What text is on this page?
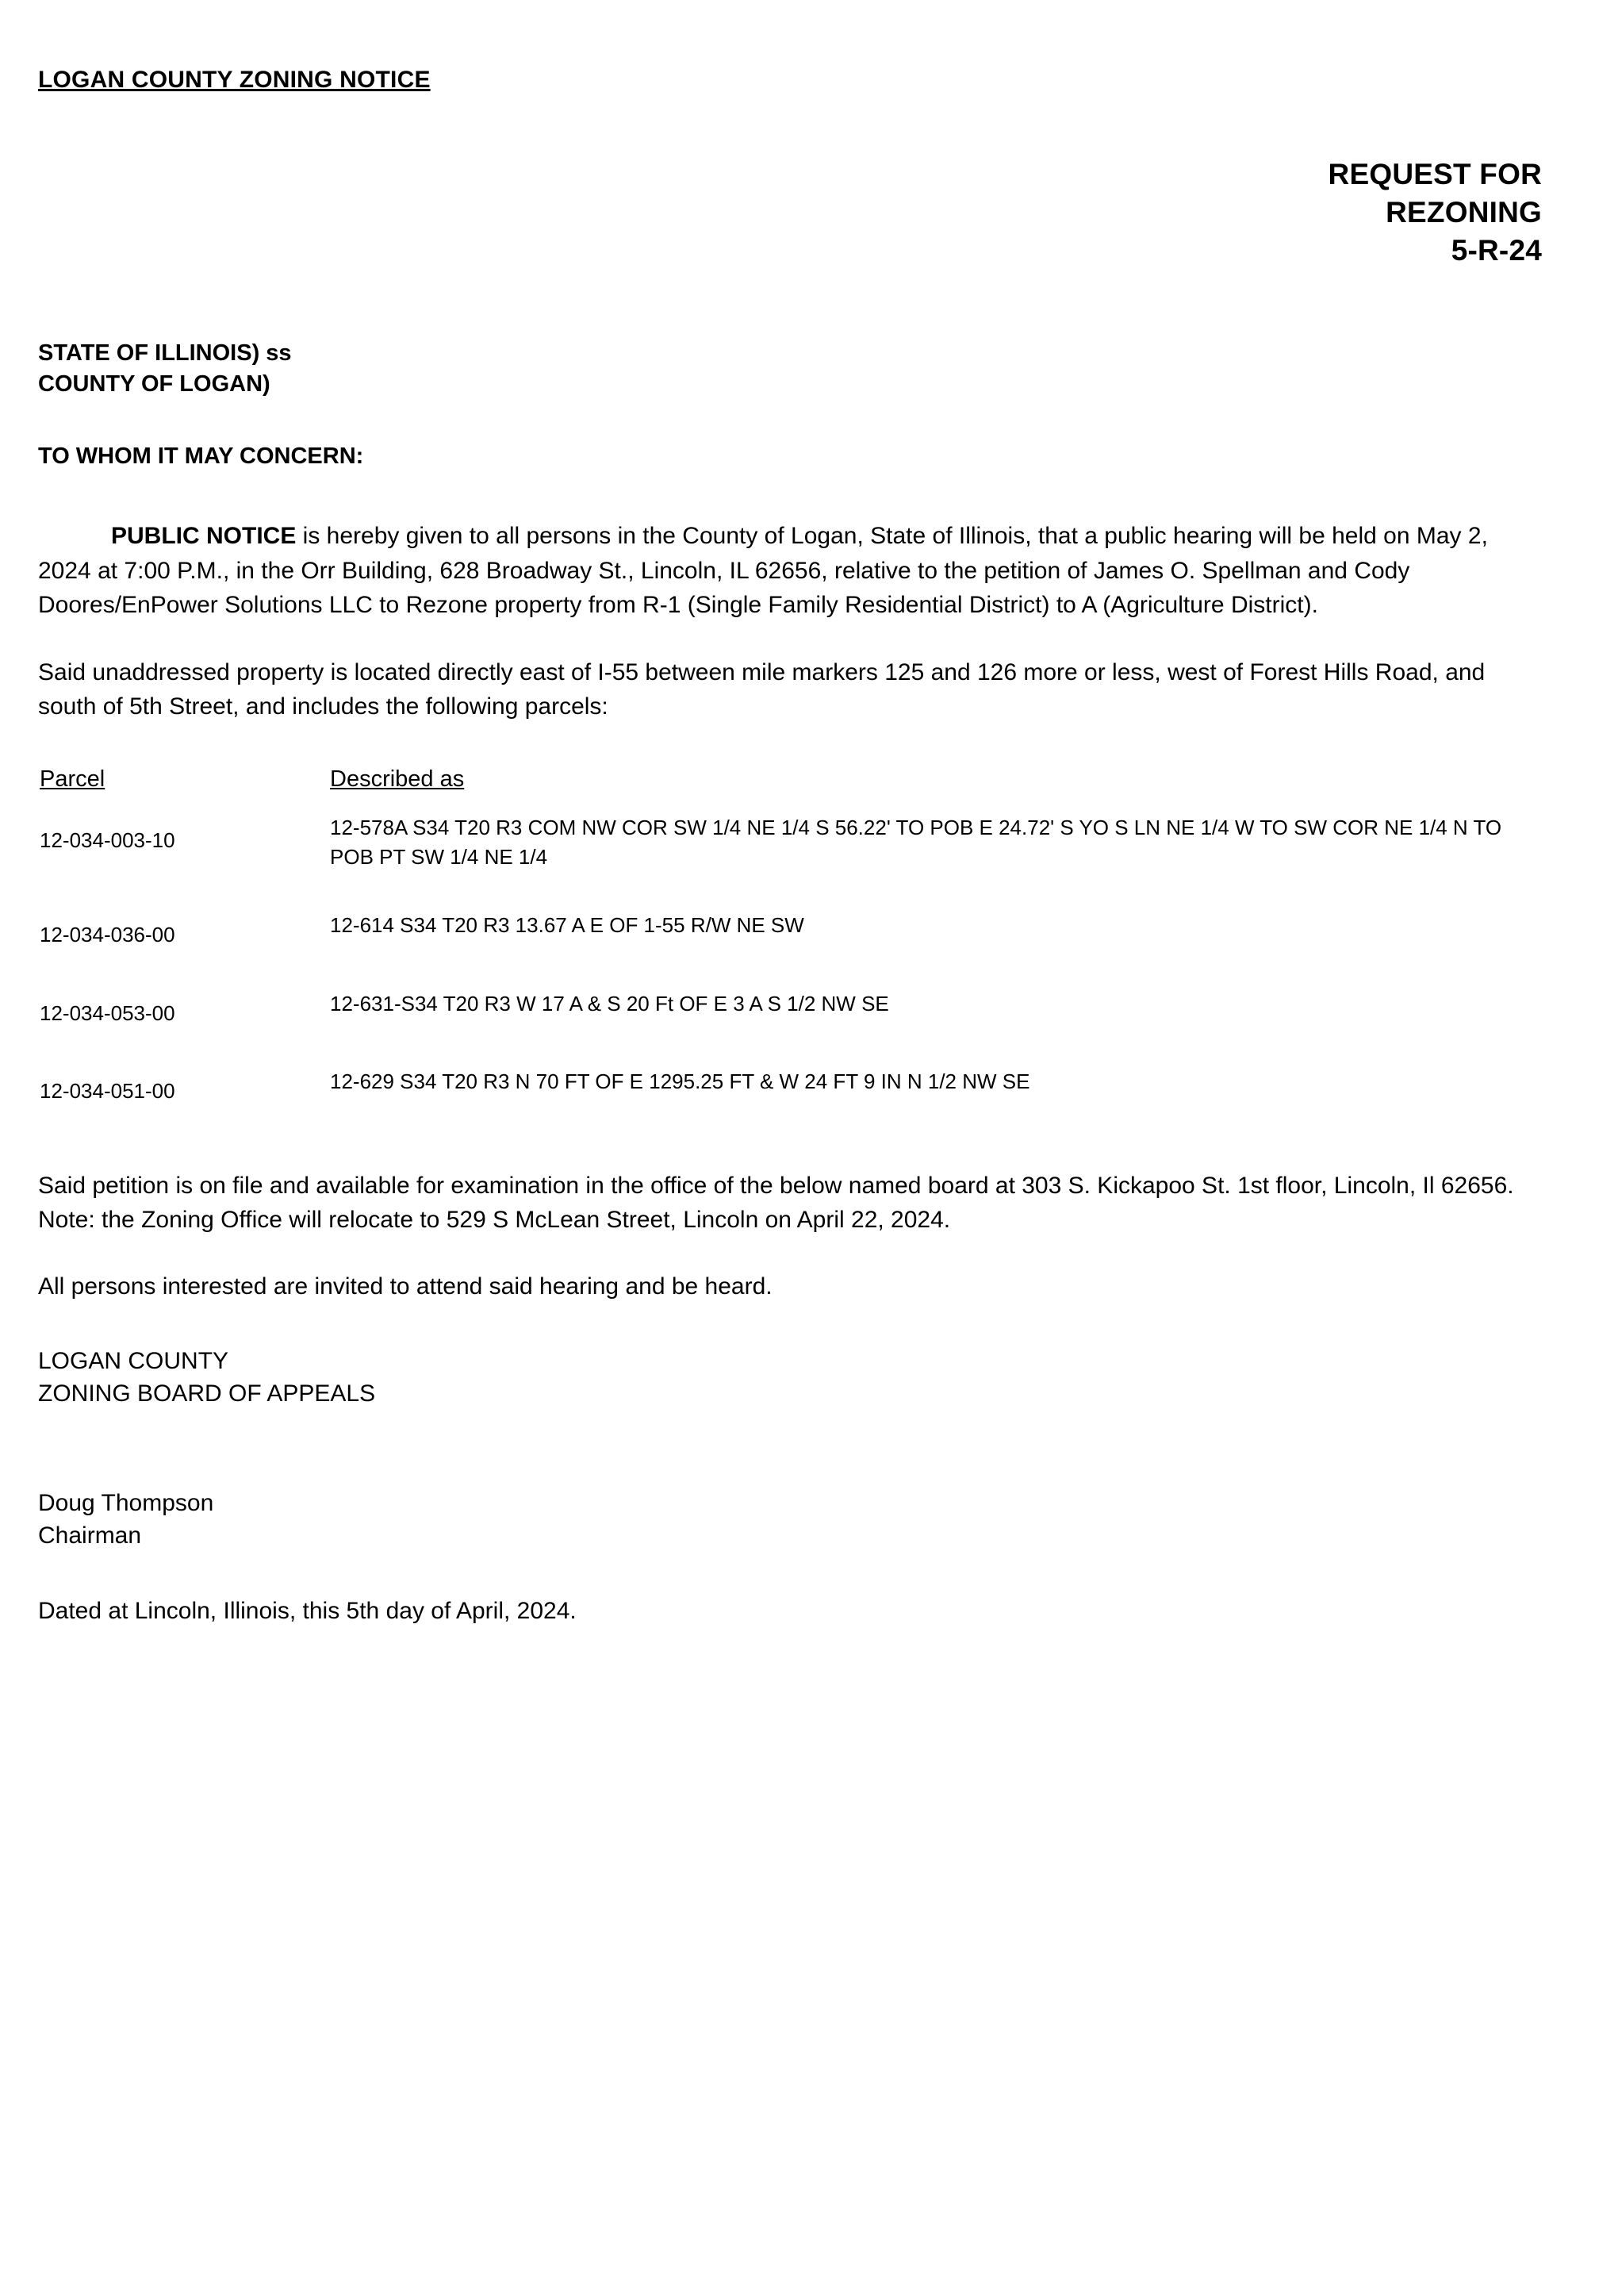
LOGAN COUNTY ZONING NOTICE
REQUEST FOR
REZONING
5-R-24
STATE OF ILLINOIS) ss
COUNTY OF LOGAN)
TO WHOM IT MAY CONCERN:

PUBLIC NOTICE is hereby given to all persons in the County of Logan, State of Illinois, that a public hearing will be held on May 2, 2024 at 7:00 P.M., in the Orr Building, 628 Broadway St., Lincoln, IL 62656, relative to the petition of James O. Spellman and Cody Doores/EnPower Solutions LLC to Rezone property from R-1 (Single Family Residential District) to A (Agriculture District).

Said unaddressed property is located directly east of I-55 between mile markers 125 and 126 more or less, west of Forest Hills Road, and south of 5th Street, and includes the following parcels:

Parcel	Described as
12-034-003-10	12-578A S34 T20 R3 COM NW COR SW 1/4 NE 1/4 S 56.22' TO POB E 24.72' S YO S LN NE 1/4 W TO SW COR NE 1/4 N TO POB PT SW 1/4 NE 1/4
12-034-036-00	12-614 S34 T20 R3 13.67 A E OF 1-55 R/W NE SW
12-034-053-00	12-631-S34 T20 R3 W 17 A & S 20 Ft OF E 3 A S 1/2 NW SE
12-034-051-00	12-629 S34 T20 R3 N 70 FT OF E 1295.25 FT & W 24 FT 9 IN N 1/2 NW SE

Said petition is on file and available for examination in the office of the below named board at 303 S. Kickapoo St. 1st floor, Lincoln, Il 62656. Note: the Zoning Office will relocate to 529 S McLean Street, Lincoln on April 22, 2024.

All persons interested are invited to attend said hearing and be heard.

LOGAN COUNTY
ZONING BOARD OF APPEALS
Doug Thompson
Chairman
Dated at Lincoln, Illinois, this 5th day of April, 2024.
